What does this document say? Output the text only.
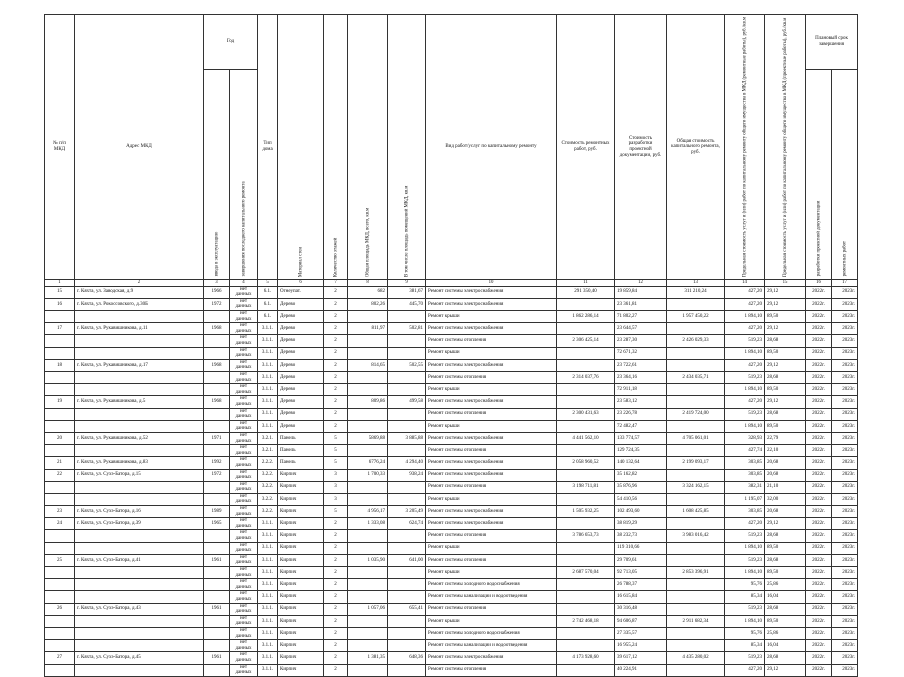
№ п/п МКД	Адрес МКД	Год		Тип дома	Материал стен	Количество этажей	Общая площадь МКД, всего, кв.м	В том числе площадь помещений МКД, кв.м	Вид работ/услуг по капитальному ремонту	Стоимость ремонтных работ, руб.	Стоимость разработки проектной документации, руб.	Общая стоимость капитального ремонта, руб.	Предельная стоимость услуг и (или) работ по капитальному ремонту общего имущества в МКД (ремонтные работы), руб./кв.м	Предельная стоимость услуг и (или) работ по капитальному ремонту общего имущества в МКД (проектные работы), руб./кв.м	Плановый срок завершения	
		ввода в эксплуатацию	завершения последнего капитального ремонта												разработки проектной документации	ремонтных работ
1	2	3	4	5	6	7	8	9	10	11	12	13	14	15	16	17
15	г. Кяхта, ул. Заводская, д.9	1966	нет данных	6.1.	Огнеупат.	2	682	381,67	Ремонт системы электроснабжения	291 350,40	19 859,84	311 210,24	427,20	29,12	2022г.	2023г.
16	г. Кяхта, ул. Рокоссовского, д.30Б	1972	нет данных	6.1.	Дерево	2	802,26	445,70	Ремонт системы электроснабжения		23 361,81		427,20	29,12	2022г.	2023г.
			нет данных	6.1.	Дерево	2			Ремонт крыши	1 862 286,14	71 802,27	1 957 450,22	1 894,10	89,50	2022г.	2023г.
17	г. Кяхта, ул. Рукавишникова, д.11	1968	нет данных	3.1.1.	Дерево	2	811,97	502,81	Ремонт системы электроснабжения		23 644,57		427,20	29,12	2022г.	2023г.
			нет данных	3.1.1.	Дерево	2			Ремонт системы отопления	2 306 425,14	23 287,30	2 426 029,33	519,23	28,68	2022г.	2023г.
			нет данных	3.1.1.	Дерево	2			Ремонт крыши		72 671,32		1 894,10	89,50	2022г.	2023г.
18	г. Кяхта, ул. Рукавишникова, д.17	1968	нет данных	3.1.1.	Дерево	2	814,65	502,55	Ремонт системы электроснабжения		23 722,61		427,20	29,12	2022г.	2023г.
			нет данных	3.1.1.	Дерево	2			Ремонт системы отопления	2 314 037,76	23 364,16	2 434 035,71	519,23	28,68	2022г.	2023г.
			нет данных	3.1.1.	Дерево	2			Ремонт крыши		72 911,18		1 894,10	89,50	2022г.	2023г.
19	г. Кяхта, ул. Рукавишникова, д.5	1968	нет данных	3.1.1.	Дерево	2	809,86	499,58	Ремонт системы электроснабжения		23 583,12		427,20	29,12	2022г.	2023г.
			нет данных	3.1.1.	Дерево	2			Ремонт системы отопления	2 300 431,63	23 226,78	2 419 724,00	519,23	28,68	2022г.	2023г.
			нет данных	3.1.1.	Дерево	2			Ремонт крыши		72 482,47		1 894,10	89,50	2022г.	2023г.
20	г. Кяхта, ул. Рукавишникова, д.52	1971	нет данных	3.2.1.	Панель	5	5869,88	3 885,88	Ремонт системы электроснабжения	4 441 562,10	133 774,57	4 705 061,01	328,93	22,79	2022г.	2023г.
			нет данных	3.2.1.	Панель	5			Ремонт системы отопления		129 724,35		427,74	22,10	2022г.	2023г.
21	г. Кяхта, ул. Рукавишникова, д.83	1992	нет данных	2.2.2.	Панель	5	6776,24	4 294,40	Ремонт системы электроснабжения	2 058 960,52	140 132,64	2 199 093,17	303,85	20,68	2022г.	2023г.
22	г. Кяхта, ул. Сухэ-Батора, д.15	1972	нет данных	3.2.2.	Кирпич	3	1 700,33	938,24	Ремонт системы электроснабжения		35 162,82		303,85	20,68	2022г.	2023г.
			нет данных	3.2.2.	Кирпич	3			Ремонт системы отопления	3 198 711,81	35 876,96	3 324 162,15	382,31	21,10	2022г.	2023г.
			нет данных	3.2.2.	Кирпич	3			Ремонт крыши		54 410,56		1 195,07	32,00	2022г.	2023г.
23	г. Кяхта, ул. Сухэ-Батора, д.16	1989	нет данных	3.2.2.	Кирпич	5	4 956,17	3 205,49	Ремонт системы электроснабжения	1 505 932,25	102 493,60	1 608 425,85	303,85	20,68	2022г.	2023г.
24	г. Кяхта, ул. Сухэ-Батора, д.39	1965	нет данных	3.1.1.	Кирпич	2	1 333,08	624,74	Ремонт системы электроснабжения		38 819,29		427,20	29,12	2022г.	2023г.
			нет данных	3.1.1.	Кирпич	2			Ремонт системы отопления	3 786 653,73	38 232,73	3 983 016,42	519,23	28,68	2022г.	2023г.
			нет данных	3.1.1.	Кирпич	2			Ремонт крыши		119 310,66		1 894,10	89,50	2022г.	2023г.
25	г. Кяхта, ул. Сухэ-Батора, д.41	1961	нет данных	3.1.1.	Кирпич	2	1 035,90	641,00	Ремонт системы отопления		29 709,61		519,23	28,68	2022г.	2023г.
			нет данных	3.1.1.	Кирпич	2			Ремонт крыши	2 687 570,04	92 713,05	2 853 396,91	1 894,10	89,50	2022г.	2023г.
			нет данных	3.1.1.	Кирпич	2			Ремонт системы холодного водоснабжения		26 788,37		95,76	25,86	2022г.	2023г.
			нет данных	3.1.1.	Кирпич	2			Ремонт системы канализации и водоотведения		16 615,84		85,34	16,04	2022г.	2023г.
26	г. Кяхта, ул. Сухэ-Батора, д.43	1961	нет данных	3.1.1.	Кирпич	2	1 057,06	655,41	Ремонт системы отопления		30 316,48		519,23	28,68	2022г.	2023г.
			нет данных	3.1.1.	Кирпич	2			Ремонт крыши	2 742 468,18	94 606,87	2 911 682,34	1 894,10	89,50	2022г.	2023г.
			нет данных	3.1.1.	Кирпич	2			Ремонт системы холодного водоснабжения		27 335,57		95,76	25,86	2022г.	2023г.
			нет данных	3.1.1.	Кирпич	2			Ремонт системы канализации и водоотведения		16 955,24		85,34	16,04	2022г.	2023г.
27	г. Кяхта, ул. Сухэ-Батора, д.45	1961	нет данных	3.1.1.	Кирпич	2	1 381,35	648,36	Ремонт системы электроснабжения	4 173 928,60	39 617,12	4 435 280,02	519,23	28,68	2022г.	2023г.
			нет данных	3.1.1.	Кирпич	2			Ремонт системы отопления		40 224,91		427,20	29,12	2022г.	2023г.
